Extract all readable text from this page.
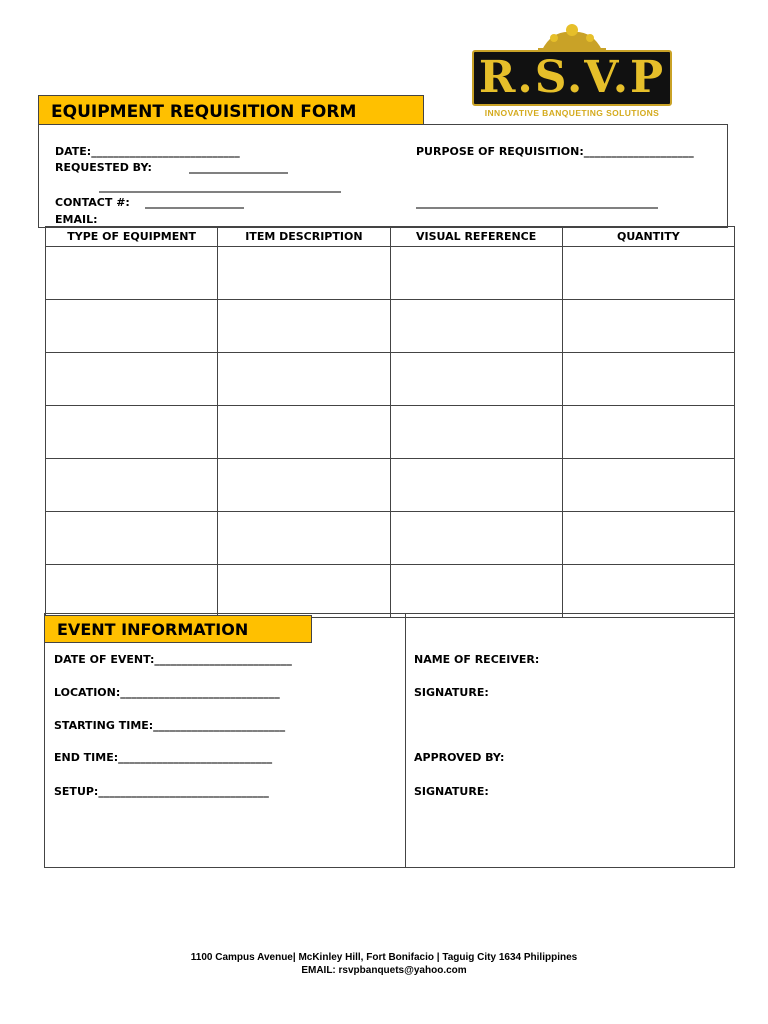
R.S.V.P
INNOVATIVE BANQUETING SOLUTIONS
EQUIPMENT REQUISITION FORM
DATE:___________________________
REQUESTED BY:	__________________
____________________________________________
CONTACT #: __________________
EMAIL:
PURPOSE OF REQUISITION:____________________
____________________________________________
TYPE OF EQUIPMENT	ITEM DESCRIPTION	VISUAL REFERENCE	QUANTITY

EVENT INFORMATION
DATE OF EVENT:_________________________
LOCATION:_____________________________
STARTING TIME:________________________
END TIME:____________________________
SETUP:_______________________________
NAME OF RECEIVER:
SIGNATURE:
APPROVED BY:
SIGNATURE:
1100 Campus Avenue| McKinley Hill, Fort Bonifacio | Taguig City 1634 Philippines
EMAIL: rsvpbanquets@yahoo.com
